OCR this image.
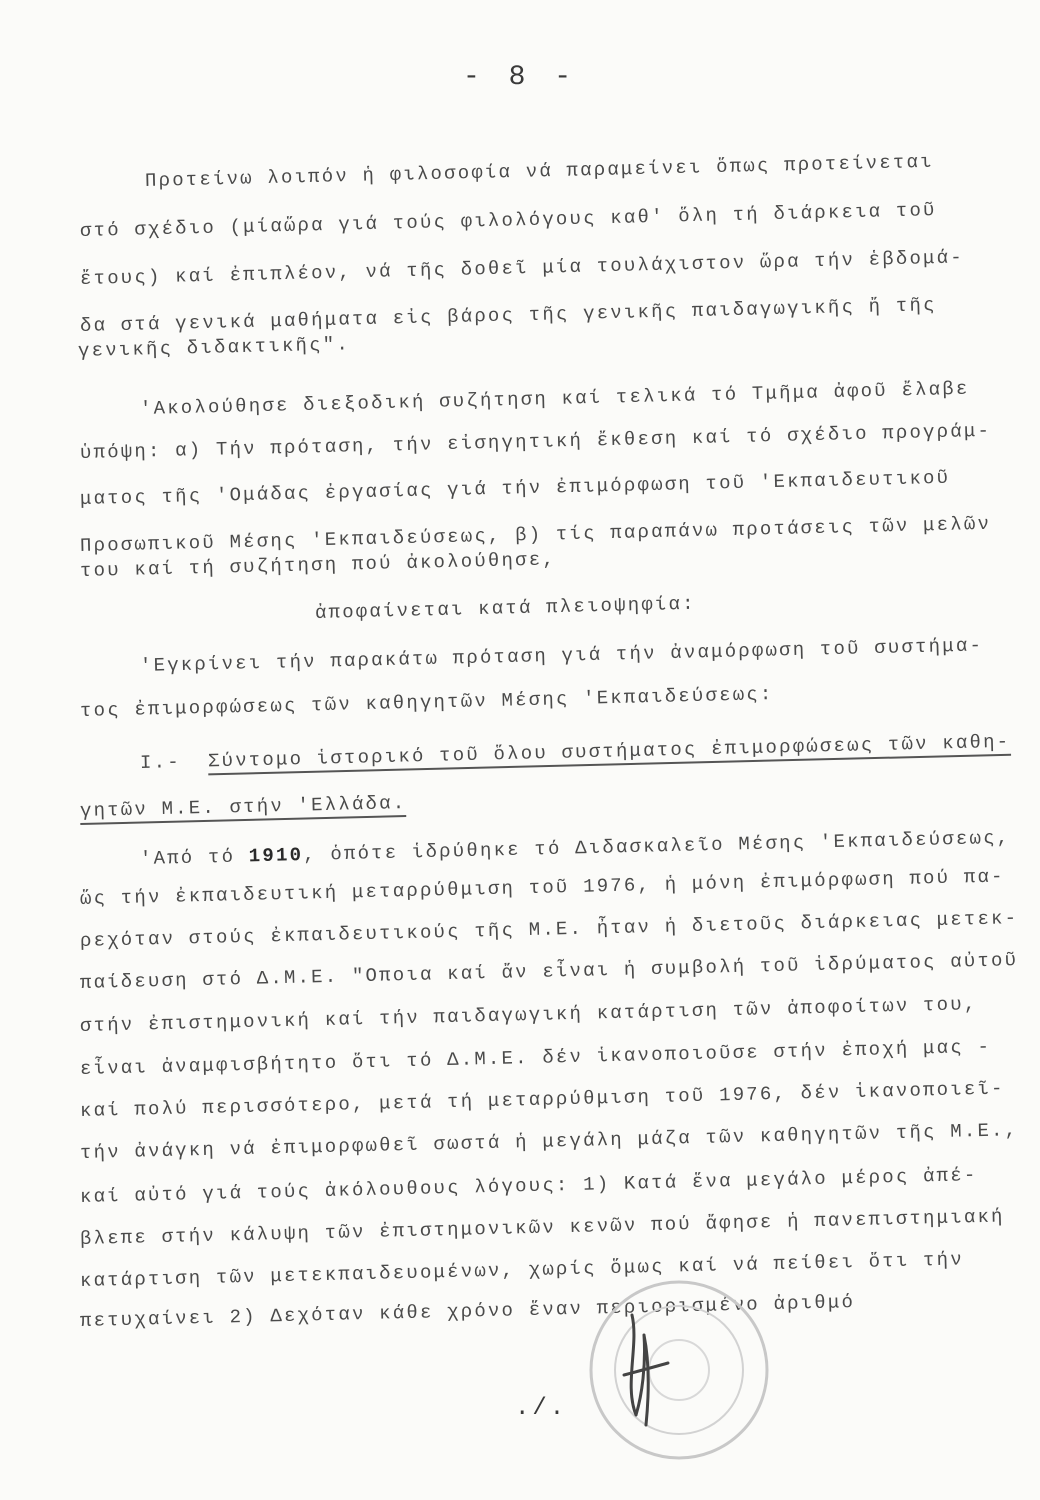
- 8 -
Προτείνω λοιπόν ἡ φιλοσοφία νά παραμείνει ὅπως προτείνεται
στό σχέδιο (μίαὥρα γιά τούς φιλολόγους καθ' ὅλη τή διάρκεια τοῦ
ἔτους) καί ἐπιπλέον, νά τῆς δοθεῖ μία τουλάχιστον ὥρα τήν ἑβδομά-
δα στά γενικά μαθήματα εἰς βάρος τῆς γενικῆς παιδαγωγικῆς ἤ τῆς
γενικῆς διδακτικῆς".
'Ακολούθησε διεξοδική συζήτηση καί τελικά τό Τμῆμα ἀφοῦ ἔλαβε
ὑπόψη: α) Τήν πρόταση, τήν εἰσηγητική ἔκθεση καί τό σχέδιο προγράμ-
ματος τῆς 'Ομάδας ἐργασίας γιά τήν ἐπιμόρφωση τοῦ 'Εκπαιδευτικοῦ
Προσωπικοῦ Μέσης 'Εκπαιδεύσεως, β) τίς παραπάνω προτάσεις τῶν μελῶν
του καί τή συζήτηση πού ἀκολούθησε,
ἀποφαίνεται κατά πλειοψηφία:
'Εγκρίνει τήν παρακάτω πρόταση γιά τήν ἀναμόρφωση τοῦ συστήμα-
τος ἐπιμορφώσεως τῶν καθηγητῶν Μέσης 'Εκπαιδεύσεως:
Ι.- Σύντομο ἱστορικό τοῦ ὅλου συστήματος ἐπιμορφώσεως τῶν καθη-
γητῶν Μ.Ε. στήν 'Ελλάδα.
'Από τό 1910, ὁπότε ἱδρύθηκε τό Διδασκαλεῖο Μέσης 'Εκπαιδεύσεως,
ὥς τήν ἐκπαιδευτική μεταρρύθμιση τοῦ 1976, ἡ μόνη ἐπιμόρφωση πού πα-
ρεχόταν στούς ἐκπαιδευτικούς τῆς Μ.Ε. ἦταν ἡ διετοῦς διάρκειας μετεκ-
παίδευση στό Δ.Μ.Ε. "Οποια καί ἄν εἶναι ἡ συμβολή τοῦ ἱδρύματος αὐτοῦ
στήν ἐπιστημονική καί τήν παιδαγωγική κατάρτιση τῶν ἀποφοίτων του,
εἶναι ἀναμφισβήτητο ὅτι τό Δ.Μ.Ε. δέν ἱκανοποιοῦσε στήν ἐποχή μας -
καί πολύ περισσότερο, μετά τή μεταρρύθμιση τοῦ 1976, δέν ἱκανοποιεῖ-
τήν ἀνάγκη νά ἐπιμορφωθεῖ σωστά ἡ μεγάλη μάζα τῶν καθηγητῶν τῆς Μ.Ε.,
καί αὐτό γιά τούς ἀκόλουθους λόγους: 1) Κατά ἕνα μεγάλο μέρος ἀπέ-
βλεπε στήν κάλυψη τῶν ἐπιστημονικῶν κενῶν πού ἄφησε ἡ πανεπιστημιακή
κατάρτιση τῶν μετεκπαιδευομένων, χωρίς ὅμως καί νά πείθει ὅτι τήν
πετυχαίνει 2) Δεχόταν κάθε χρόνο ἕναν περιορισμένο ἀριθμό
./.
